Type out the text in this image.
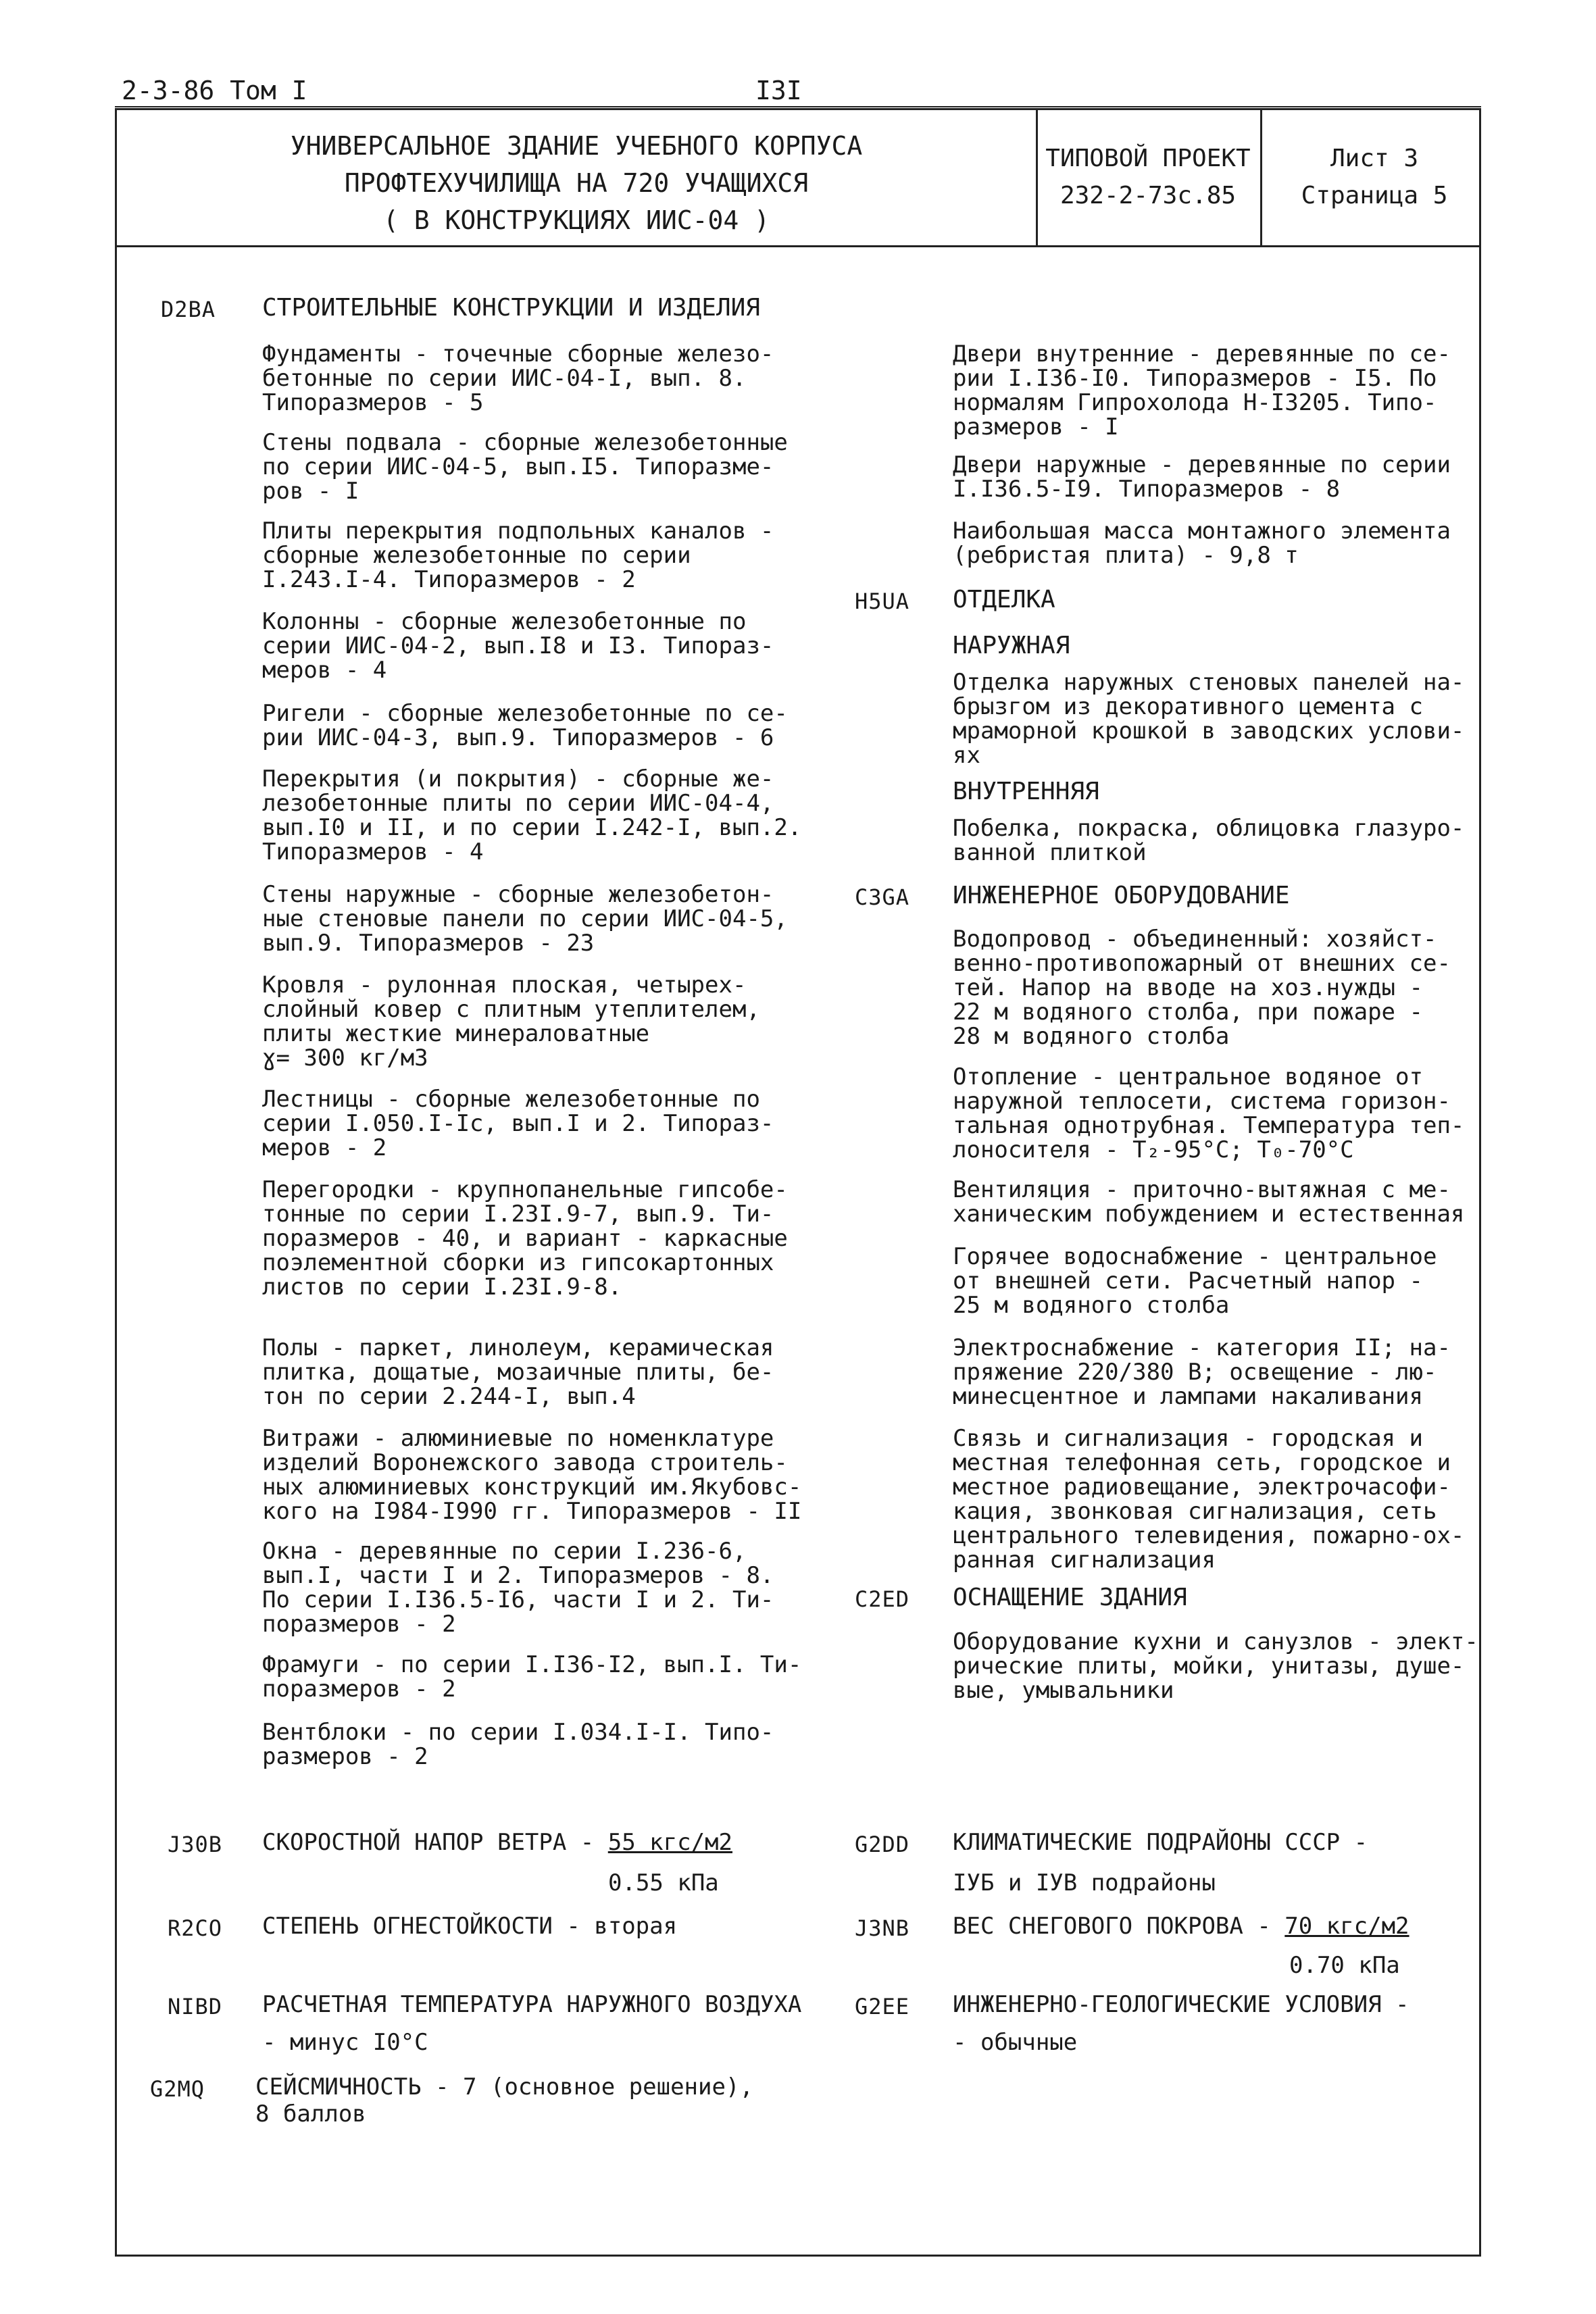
2-3-86 Том I	I3I
УНИВЕРСАЛЬНОЕ ЗДАНИЕ УЧЕБНОГО КОРПУСА
ПРОФТЕХУЧИЛИЩА НА 720 УЧАЩИХСЯ
( В КОНСТРУКЦИЯХ ИИС-04 )
ТИПОВОЙ ПРОЕКТ
232-2-73с.85
Лист 3
Страница 5
D2BA СТРОИТЕЛЬНЫЕ КОНСТРУКЦИИ И ИЗДЕЛИЯ
Фундаменты - точечные сборные железо-
бетонные по серии ИИС-04-I, вып. 8.
Типоразмеров - 5
Стены подвала - сборные железобетонные
по серии ИИС-04-5, вып.I5. Типоразме-
ров - I
Плиты перекрытия подпольных каналов -
сборные железобетонные по серии
I.243.I-4. Типоразмеров - 2
Колонны - сборные железобетонные по
серии ИИС-04-2, вып.I8 и I3. Типораз-
меров - 4
Ригели - сборные железобетонные по се-
рии ИИС-04-3, вып.9. Типоразмеров - 6
Перекрытия (и покрытия) - сборные же-
лезобетонные плиты по серии ИИС-04-4,
вып.I0 и II, и по серии I.242-I, вып.2.
Типоразмеров - 4
Стены наружные - сборные железобетон-
ные стеновые панели по серии ИИС-04-5,
вып.9. Типоразмеров - 23
Кровля - рулонная плоская, четырех-
слойный ковер с плитным утеплителем,
плиты жесткие минераловатные
ɣ= 300 кг/м3
Лестницы - сборные железобетонные по
серии I.050.I-Iс, вып.I и 2. Типораз-
меров - 2
Перегородки - крупнопанельные гипсобе-
тонные по серии I.23I.9-7, вып.9. Ти-
поразмеров - 40, и вариант - каркасные
поэлементной сборки из гипсокартонных
листов по серии I.23I.9-8.
Полы - паркет, линолеум, керамическая
плитка, дощатые, мозаичные плиты, бе-
тон по серии 2.244-I, вып.4
Витражи - алюминиевые по номенклатуре
изделий Воронежского завода строитель-
ных алюминиевых конструкций им.Якубовс-
кого на I984-I990 гг. Типоразмеров - II
Окна - деревянные по серии I.236-6,
вып.I, части I и 2. Типоразмеров - 8.
По серии I.I36.5-I6, части I и 2. Ти-
поразмеров - 2
Фрамуги - по серии I.I36-I2, вып.I. Ти-
поразмеров - 2
Вентблоки - по серии I.034.I-I. Типо-
размеров - 2
Двери внутренние - деревянные по се-
рии I.I36-I0. Типоразмеров - I5. По
нормалям Гипрохолода Н-I3205. Типо-
размеров - I
Двери наружные - деревянные по серии
I.I36.5-I9. Типоразмеров - 8
Наибольшая масса монтажного элемента
(ребристая плита) - 9,8 т
H5UA ОТДЕЛКА
НАРУЖНАЯ
Отделка наружных стеновых панелей на-
брызгом из декоративного цемента с
мраморной крошкой в заводских услови-
ях
ВНУТРЕННЯЯ
Побелка, покраска, облицовка глазуро-
ванной плиткой
C3GA ИНЖЕНЕРНОЕ ОБОРУДОВАНИЕ
Водопровод - объединенный: хозяйст-
венно-противопожарный от внешних се-
тей. Напор на вводе на хоз.нужды -
22 м водяного столба, при пожаре -
28 м водяного столба
Отопление - центральное водяное от
наружной теплосети, система горизон-
тальная однотрубная. Температура теп-
лоносителя - T₂-95°С; T₀-70°С
Вентиляция - приточно-вытяжная с ме-
ханическим побуждением и естественная
Горячее водоснабжение - центральное
от внешней сети. Расчетный напор -
25 м водяного столба
Электроснабжение - категория II; на-
пряжение 220/380 В; освещение - лю-
минесцентное и лампами накаливания
Связь и сигнализация - городская и
местная телефонная сеть, городское и
местное радиовещание, электрочасофи-
кация, звонковая сигнализация, сеть
центрального телевидения, пожарно-ох-
ранная сигнализация
C2ED ОСНАЩЕНИЕ ЗДАНИЯ
Оборудование кухни и санузлов - элект-
рические плиты, мойки, унитазы, душе-
вые, умывальники
J30B СКОРОСТНОЙ НАПОР ВЕТРА - 55 кгс/м2
0.55 кПа
R2CO СТЕПЕНЬ ОГНЕСТОЙКОСТИ - вторая
NIBD РАСЧЕТНАЯ ТЕМПЕРАТУРА НАРУЖНОГО ВОЗДУХА
- минус I0°С
G2MQ СЕЙСМИЧНОСТЬ - 7 (основное решение),
8 баллов
G2DD КЛИМАТИЧЕСКИЕ ПОДРАЙОНЫ СССР -
IУБ и IУВ подрайоны
J3NB ВЕС СНЕГОВОГО ПОКРОВА - 70 кгс/м2
0.70 кПа
G2EE ИНЖЕНЕРНО-ГЕОЛОГИЧЕСКИЕ УСЛОВИЯ -
- обычные
